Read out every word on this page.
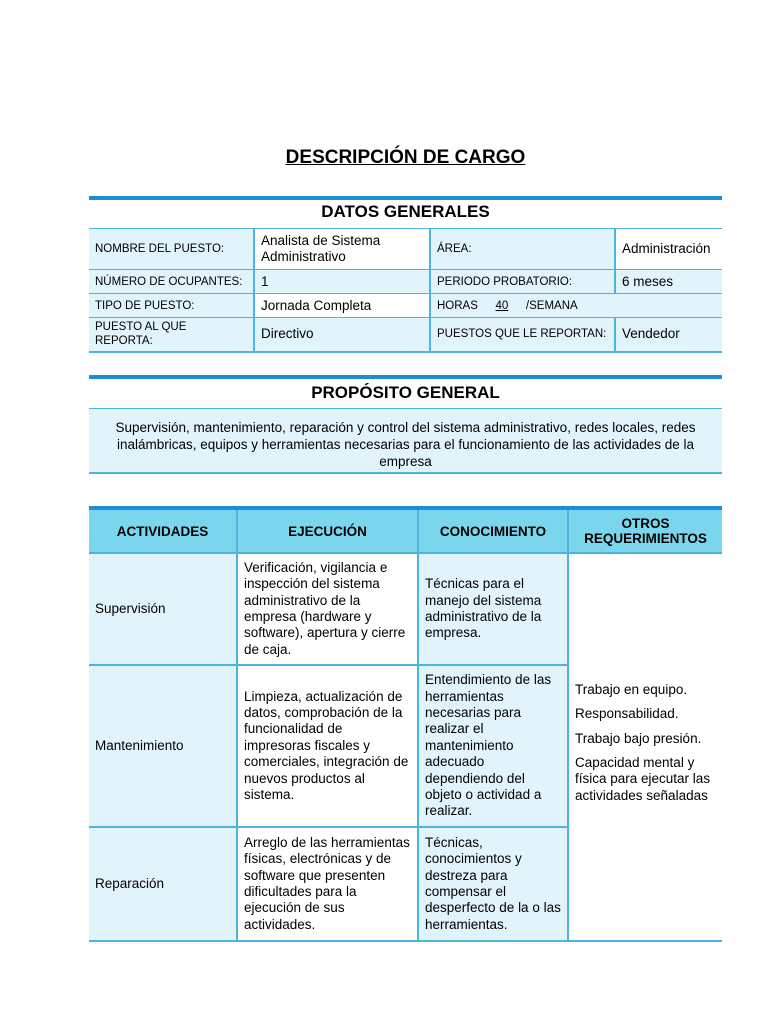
DESCRIPCIÓN DE CARGO
DATOS GENERALES
NOMBRE DEL PUESTO:	Analista de Sistema Administrativo	ÁREA:	Administración
NÚMERO DE OCUPANTES:	1	PERIODO PROBATORIO:	6 meses
TIPO DE PUESTO:	Jornada Completa	HORAS 40 /SEMANA	
PUESTO AL QUE REPORTA:	Directivo	PUESTOS QUE LE REPORTAN:	Vendedor
PROPÓSITO GENERAL
Supervisión, mantenimiento, reparación y control del sistema administrativo, redes locales, redes inalámbricas, equipos y herramientas necesarias para el funcionamiento de las actividades de la empresa
ACTIVIDADES	EJECUCIÓN	CONOCIMIENTO	OTROS REQUERIMIENTOS
Supervisión	Verificación, vigilancia e inspección del sistema administrativo de la empresa (hardware y software), apertura y cierre de caja.	Técnicas para el manejo del sistema administrativo de la empresa.	Trabajo en equipo.
Responsabilidad.
Trabajo bajo presión.
Capacidad mental y física para ejecutar las actividades señaladas

Mantenimiento	Limpieza, actualización de datos, comprobación de la funcionalidad de impresoras fiscales y comerciales, integración de nuevos productos al sistema.	Entendimiento de las herramientas necesarias para realizar el mantenimiento adecuado dependiendo del objeto o actividad a realizar.	
Reparación	Arreglo de las herramientas físicas, electrónicas y de software que presenten dificultades para la ejecución de sus actividades.	Técnicas, conocimientos y destreza para compensar el desperfecto de la o las herramientas.	
